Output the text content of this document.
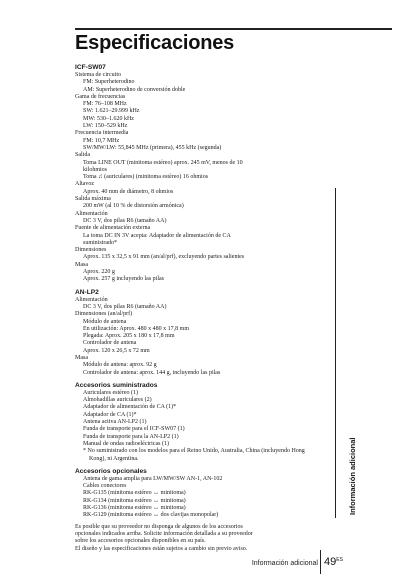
Especificaciones
ICF-SW07
Sistema de circuito
FM: Superheterodino
AM: Superheterodino de conversión doble
Gama de frecuencias
FM: 76–108 MHz
SW: 1.621–29.999 kHz
MW: 530–1.620 kHz
LW: 150–529 kHz
Frecuencia intermedia
FM: 10,7 MHz
SW/MW/LW: 55,845 MHz (primera), 455 kHz (segunda)
Salida
Toma LINE OUT (minitoma estéreo) aprox. 245 mV, menos de 10
kilohmios
Toma ♫ (auriculares) (minitoma estéreo) 16 ohmios
Altavoz
Aprox. 40 mm de diámetro, 8 ohmios
Salida máxima
200 mW (al 10 % de distorsión armónica)
Alimentación
DC 3 V, dos pilas R6 (tamaño AA)
Fuente de alimentación externa
La toma DC IN 3V acepta: Adaptador de alimentación de CA
suministrado*
Dimensiones
Aprox. 135 x 32,5 x 91 mm (an/al/prf), excluyendo partes salientes
Masa
Aprox. 220 g
Aprox. 257 g incluyendo las pilas
AN-LP2
Alimentación
DC 3 V, dos pilas R6 (tamaño AA)
Dimensiones (an/al/prf)
Módulo de antena
En utilización: Aprox. 480 x 480 x 17,8 mm
Plegada: Aprox. 205 x 180 x 17,8 mm
Controlador de antena
Aprox. 120 x 26,5 x 72 mm
Masa
Módulo de antena: aprox. 92 g
Controlador de antena: aprox. 144 g, incluyendo las pilas
Accesorios suministrados
Auriculares estéreo (1)
Almohadillas auriculares (2)
Adaptador de alimentación de CA (1)*
Adaptador de CA (1)*
Antena activa AN-LP2 (1)
Funda de transporte para el ICF-SW07 (1)
Funda de transporte para la AN-LP2 (1)
Manual de ondas radioeléctricas (1)
* No suministrado con los modelos para el Reino Unido, Australia, China (incluyendo Hong Kong), ni Argentina.
Accesorios opcionales
Antena de gama amplia para LW/MW/SW AN-1, AN-102
Cables conectores
RK-G135 (minitoma estéreo ↔ minitoma)
RK-G134 (minitoma estéreo ↔ minitoma)
RK-G136 (minitoma estéreo ↔ minitoma)
RK-G129 (minitoma estéreo ↔ dos clavijas monopolar)
Es posible que su proveedor no disponga de algunos de los accesorios
opcionales indicados arriba. Solicite información detallada a su proveedor
sobre los accesorios opcionales disponibles en su país.
El diseño y las especificaciones están sujetos a cambio sin previo aviso.
Información adicional
Información adicional $49^{ES}$
